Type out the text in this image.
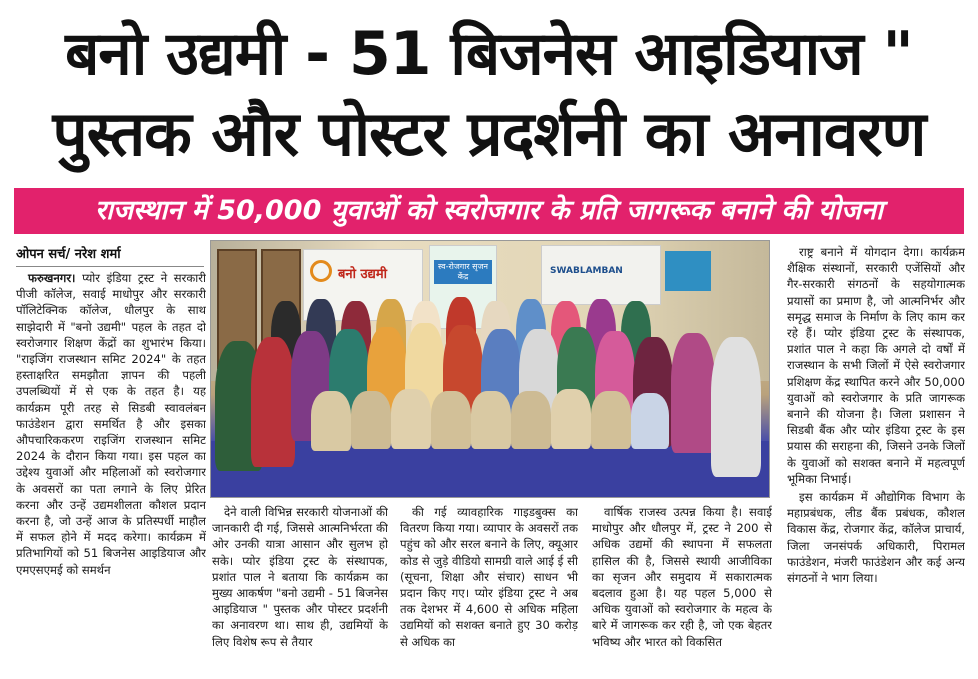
बनो उद्यमी - 51 बिजनेस आइडियाज "
पुस्तक और पोस्टर प्रदर्शनी का अनावरण
राजस्थान में 50,000 युवाओं को स्वरोजगार के प्रति जागरूक बनाने की योजना
ओपन सर्च/ नरेश शर्मा

फरुखनगर। प्योर इंडिया ट्रस्ट ने सरकारी पीजी कॉलेज, सवाई माधोपुर और सरकारी पॉलिटेक्निक कॉलेज, धौलपुर के साथ साझेदारी में "बनो उद्यमी" पहल के तहत दो स्वरोजगार शिक्षण केंद्रों का शुभारंभ किया। "राइजिंग राजस्थान समिट 2024" के तहत हस्ताक्षरित समझौता ज्ञापन की पहली उपलब्धियों में से एक के तहत है। यह कार्यक्रम पूरी तरह से सिडबी स्वावलंबन फाउंडेशन द्वारा समर्थित है और इसका औपचारिककरण राइजिंग राजस्थान समिट 2024 के दौरान किया गया। इस पहल का उद्देश्य युवाओं और महिलाओं को स्वरोजगार के अवसरों का पता लगाने के लिए प्रेरित करना और उन्हें उद्यमशीलता कौशल प्रदान करना है, जो उन्हें आज के प्रतिस्पर्धी माहौल में सफल होने में मदद करेगा। कार्यक्रम में प्रतिभागियों को 51 बिजनेस आइडियाज और एमएसएमई को समर्थन

बनो उद्यमी
स्व-रोजगार सृजन केंद्र
SWABLAMBAN

देने वाली विभिन्न सरकारी योजनाओं की जानकारी दी गई, जिससे आत्मनिर्भरता की ओर उनकी यात्रा आसान और सुलभ हो सके। प्योर इंडिया ट्रस्ट के संस्थापक, प्रशांत पाल ने बताया कि कार्यक्रम का मुख्य आकर्षण "बनो उद्यमी - 51 बिजनेस आइडियाज " पुस्तक और पोस्टर प्रदर्शनी का अनावरण था। साथ ही, उद्यमियों के लिए विशेष रूप से तैयार

की गई व्यावहारिक गाइडबुक्स का वितरण किया गया। व्यापार के अवसरों तक पहुंच को और सरल बनाने के लिए, क्यूआर कोड से जुड़े वीडियो सामग्री वाले आई ई सी (सूचना, शिक्षा और संचार) साधन भी प्रदान किए गए। प्योर इंडिया ट्रस्ट ने अब तक देशभर में 4,600 से अधिक महिला उद्यमियों को सशक्त बनाते हुए 30 करोड़ से अधिक का

वार्षिक राजस्व उत्पन्न किया है। सवाई माधोपुर और धौलपुर में, ट्रस्ट ने 200 से अधिक उद्यमों की स्थापना में सफलता हासिल की है, जिससे स्थायी आजीविका का सृजन और समुदाय में सकारात्मक बदलाव हुआ है। यह पहल 5,000 से अधिक युवाओं को स्वरोजगार के महत्व के बारे में जागरूक कर रही है, जो एक बेहतर भविष्य और भारत को विकसित

राष्ट्र बनाने में योगदान देगा। कार्यक्रम शैक्षिक संस्थानों, सरकारी एजेंसियों और गैर-सरकारी संगठनों के सहयोगात्मक प्रयासों का प्रमाण है, जो आत्मनिर्भर और समृद्ध समाज के निर्माण के लिए काम कर रहे हैं। प्योर इंडिया ट्रस्ट के संस्थापक, प्रशांत पाल ने कहा कि अगले दो वर्षों में राजस्थान के सभी जिलों में ऐसे स्वरोजगार प्रशिक्षण केंद्र स्थापित करने और 50,000 युवाओं को स्वरोजगार के प्रति जागरूक बनाने की योजना है। जिला प्रशासन ने सिडबी बैंक और प्योर इंडिया ट्रस्ट के इस प्रयास की सराहना की, जिसने उनके जिलों के युवाओं को सशक्त बनाने में महत्वपूर्ण भूमिका निभाई।

इस कार्यक्रम में औद्योगिक विभाग के महाप्रबंधक, लीड बैंक प्रबंधक, कौशल विकास केंद्र, रोजगार केंद्र, कॉलेज प्राचार्य, जिला जनसंपर्क अधिकारी, पिरामल फाउंडेशन, मंजरी फाउंडेशन और कई अन्य संगठनों ने भाग लिया।
